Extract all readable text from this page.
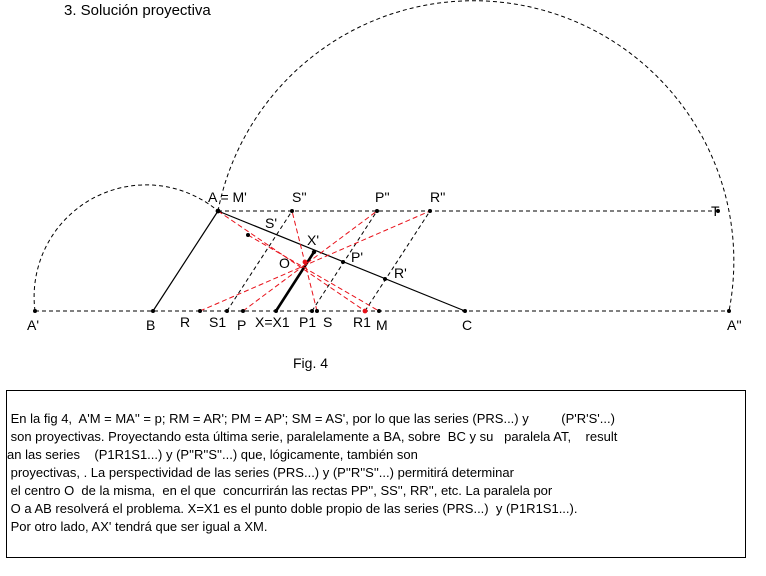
3. Solución proyectiva
A'	B R S1 P X=X1 P1 S R1 M	C	A''
A = M'	S''	P''	R''
T
S'
X'
O	P'
R'
Fig. 4
En la fig 4,  A'M = MA'' = p; RM = AR'; PM = AP'; SM = AS', por lo que las series (PRS...) y         (P'R'S'...)
son proyectivas. Proyectando esta última serie, paralelamente a BA, sobre  BC y su   paralela AT,    result
an las series    (P1R1S1...) y (P''R''S''...) que, lógicamente, también son
proyectivas, . La perspectividad de las series (PRS...) y (P''R''S''...) permitirá determinar
el centro O  de la misma,  en el que  concurrirán las rectas PP'', SS'', RR'', etc. La paralela por
O a AB resolverá el problema. X=X1 es el punto doble propio de las series (PRS...)  y (P1R1S1...).
Por otro lado, AX' tendrá que ser igual a XM.
